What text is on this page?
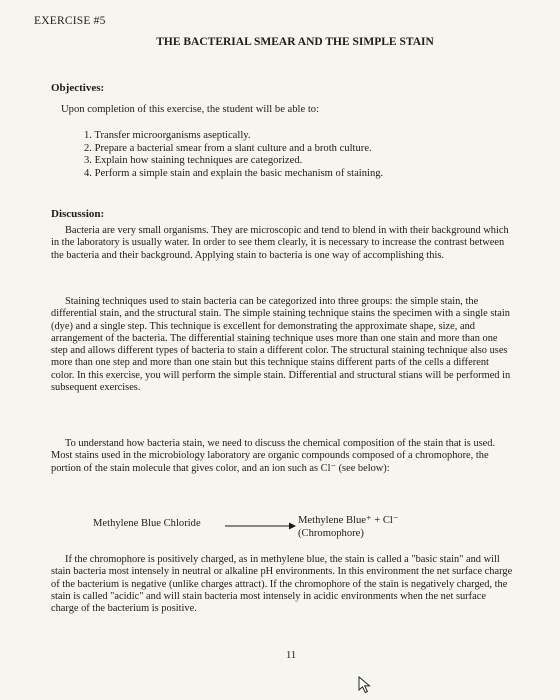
EXERCISE #5
THE BACTERIAL SMEAR AND THE SIMPLE STAIN
Objectives:
Upon completion of this exercise, the student will be able to:
1. Transfer microorganisms aseptically.
2. Prepare a bacterial smear from a slant culture and a broth culture.
3. Explain how staining techniques are categorized.
4. Perform a simple stain and explain the basic mechanism of staining.
Discussion:

Bacteria are very small organisms. They are microscopic and tend to blend in with their background which in the laboratory is usually water. In order to see them clearly, it is necessary to increase the contrast between the bacteria and their background. Applying stain to bacteria is one way of accomplishing this.

Staining techniques used to stain bacteria can be categorized into three groups: the simple stain, the differential stain, and the structural stain. The simple staining technique stains the specimen with a single stain (dye) and a single step. This technique is excellent for demonstrating the approximate shape, size, and arrangement of the bacteria. The differential staining technique uses more than one stain and more than one step and allows different types of bacteria to stain a different color. The structural staining technique also uses more than one step and more than one stain but this technique stains different parts of the cells a different color. In this exercise, you will perform the simple stain. Differential and structural stians will be performed in subsequent exercises.

To understand how bacteria stain, we need to discuss the chemical composition of the stain that is used. Most stains used in the microbiology laboratory are organic compounds composed of a chromophore, the portion of the stain molecule that gives color, and an ion such as Cl⁻ (see below):

Methylene Blue Chloride	Methylene Blue⁺ + Cl⁻
(Chromophore)

If the chromophore is positively charged, as in methylene blue, the stain is called a "basic stain" and will stain bacteria most intensely in neutral or alkaline pH environments. In this environment the net surface charge of the bacterium is negative (unlike charges attract). If the chromophore of the stain is negatively charged, the stain is called "acidic" and will stain bacteria most intensely in acidic environments when the net surface charge of the bacterium is positive.

11
